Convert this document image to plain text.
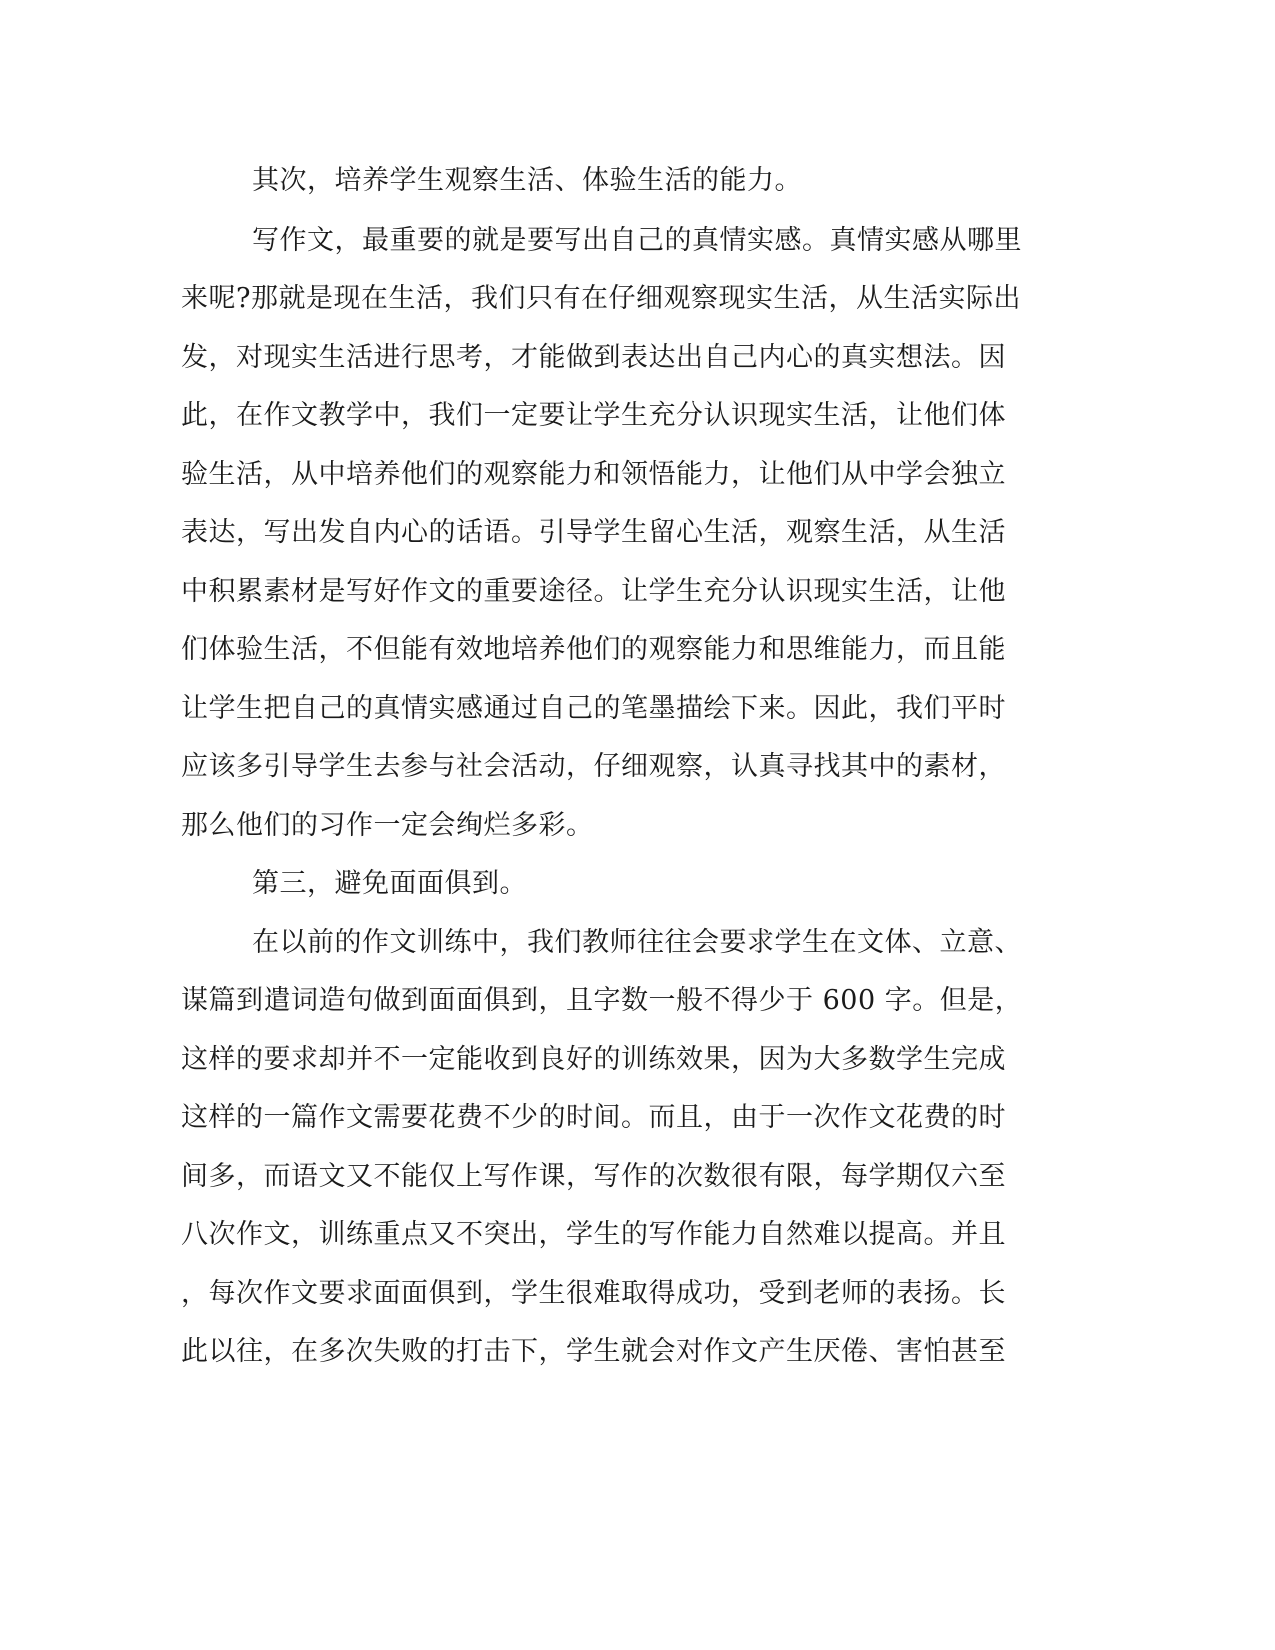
其次，培养学生观察生活、体验生活的能力。
写作文，最重要的就是要写出自己的真情实感。真情实感从哪里
来呢?那就是现在生活，我们只有在仔细观察现实生活，从生活实际出
发，对现实生活进行思考，才能做到表达出自己内心的真实想法。因
此，在作文教学中，我们一定要让学生充分认识现实生活，让他们体
验生活，从中培养他们的观察能力和领悟能力，让他们从中学会独立
表达，写出发自内心的话语。引导学生留心生活，观察生活，从生活
中积累素材是写好作文的重要途径。让学生充分认识现实生活，让他
们体验生活，不但能有效地培养他们的观察能力和思维能力，而且能
让学生把自己的真情实感通过自己的笔墨描绘下来。因此，我们平时
应该多引导学生去参与社会活动，仔细观察，认真寻找其中的素材，
那么他们的习作一定会绚烂多彩。
第三，避免面面俱到。
在以前的作文训练中，我们教师往往会要求学生在文体、立意、
谋篇到遣词造句做到面面俱到，且字数一般不得少于 600 字。但是，
这样的要求却并不一定能收到良好的训练效果，因为大多数学生完成
这样的一篇作文需要花费不少的时间。而且，由于一次作文花费的时
间多，而语文又不能仅上写作课，写作的次数很有限，每学期仅六至
八次作文，训练重点又不突出，学生的写作能力自然难以提高。并且
，每次作文要求面面俱到，学生很难取得成功，受到老师的表扬。长
此以往，在多次失败的打击下，学生就会对作文产生厌倦、害怕甚至
